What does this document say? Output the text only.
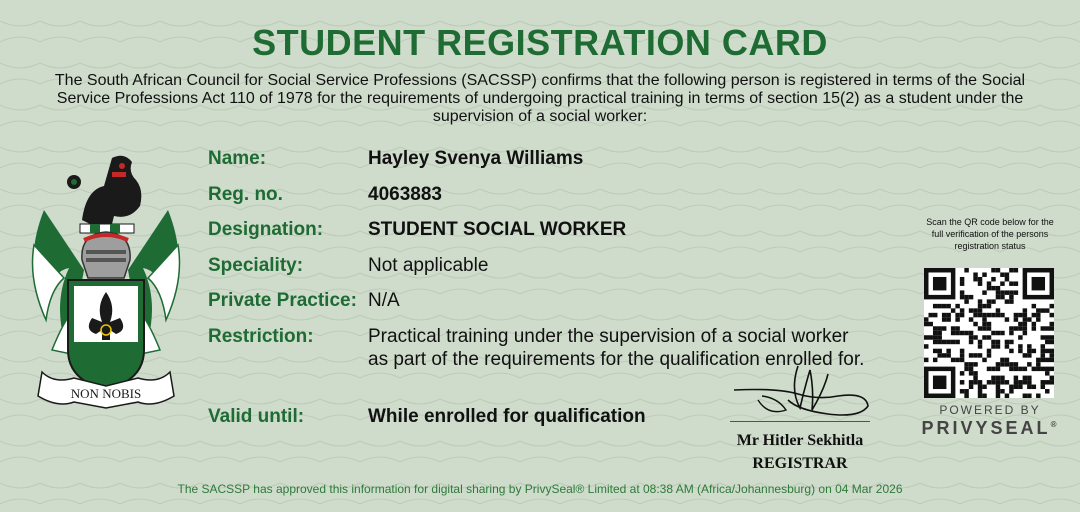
STUDENT REGISTRATION CARD
The South African Council for Social Service Professions (SACSSP) confirms that the following person is registered in terms of the Social Service Professions Act 110 of 1978 for the requirements of undergoing practical training in terms of section 15(2) as a student under the supervision of a social worker:
NON NOBIS
Name:	Hayley Svenya Williams
Reg. no.	4063883
Designation: STUDENT SOCIAL WORKER
Speciality:	Not applicable
Private Practice: N/A
Restriction:	Practical training under the supervision of a social worker
as part of the requirements for the qualification enrolled for.
Valid until:	While enrolled for qualification
Mr Hitler Sekhitla
REGISTRAR
Scan the QR code below for the full verification of the persons registration status
POWERED BY
PRIVYSEAL®
The SACSSP has approved this information for digital sharing by PrivySeal® Limited at 08:38 AM (Africa/Johannesburg) on 04 Mar 2026
